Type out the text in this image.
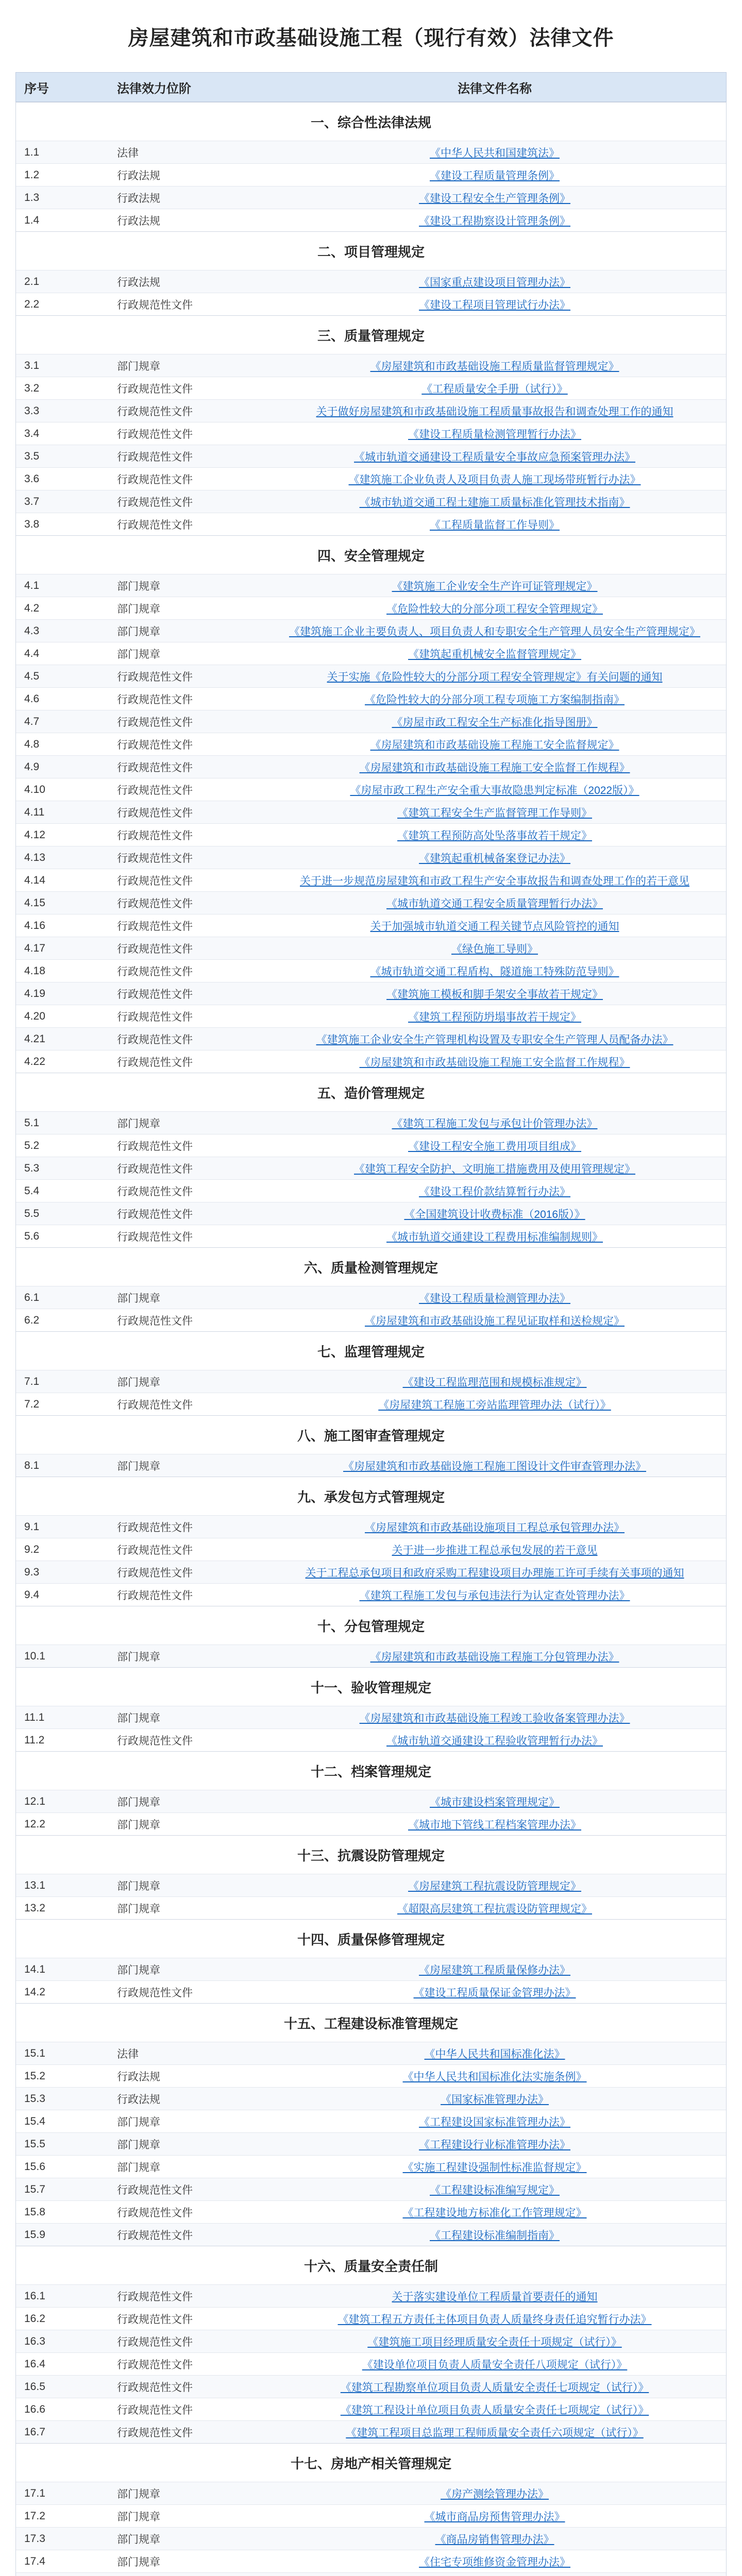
房屋建筑和市政基础设施工程（现行有效）法律文件
序号	法律效力位阶	法律文件名称
一、综合性法律法规
1.1	法律	《中华人民共和国建筑法》
1.2	行政法规	《建设工程质量管理条例》
1.3	行政法规	《建设工程安全生产管理条例》
1.4	行政法规	《建设工程勘察设计管理条例》
二、项目管理规定
2.1	行政法规	《国家重点建设项目管理办法》
2.2	行政规范性文件	《建设工程项目管理试行办法》
三、质量管理规定
3.1	部门规章	《房屋建筑和市政基础设施工程质量监督管理规定》
3.2	行政规范性文件	《工程质量安全手册（试行）》
3.3	行政规范性文件	关于做好房屋建筑和市政基础设施工程质量事故报告和调查处理工作的通知
3.4	行政规范性文件	《建设工程质量检测管理暂行办法》
3.5	行政规范性文件	《城市轨道交通建设工程质量安全事故应急预案管理办法》
3.6	行政规范性文件	《建筑施工企业负责人及项目负责人施工现场带班暂行办法》
3.7	行政规范性文件	《城市轨道交通工程土建施工质量标准化管理技术指南》
3.8	行政规范性文件	《工程质量监督工作导则》
四、安全管理规定
4.1	部门规章	《建筑施工企业安全生产许可证管理规定》
4.2	部门规章	《危险性较大的分部分项工程安全管理规定》
4.3	部门规章	《建筑施工企业主要负责人、项目负责人和专职安全生产管理人员安全生产管理规定》
4.4	部门规章	《建筑起重机械安全监督管理规定》
4.5	行政规范性文件	关于实施《危险性较大的分部分项工程安全管理规定》有关问题的通知
4.6	行政规范性文件	《危险性较大的分部分项工程专项施工方案编制指南》
4.7	行政规范性文件	《房屋市政工程安全生产标准化指导图册》
4.8	行政规范性文件	《房屋建筑和市政基础设施工程施工安全监督规定》
4.9	行政规范性文件	《房屋建筑和市政基础设施工程施工安全监督工作规程》
4.10	行政规范性文件	《房屋市政工程生产安全重大事故隐患判定标准（2022版）》
4.11	行政规范性文件	《建筑工程安全生产监督管理工作导则》
4.12	行政规范性文件	《建筑工程预防高处坠落事故若干规定》
4.13	行政规范性文件	《建筑起重机械备案登记办法》
4.14	行政规范性文件	关于进一步规范房屋建筑和市政工程生产安全事故报告和调查处理工作的若干意见
4.15	行政规范性文件	《城市轨道交通工程安全质量管理暂行办法》
4.16	行政规范性文件	关于加强城市轨道交通工程关键节点风险管控的通知
4.17	行政规范性文件	《绿色施工导则》
4.18	行政规范性文件	《城市轨道交通工程盾构、隧道施工特殊防范导则》
4.19	行政规范性文件	《建筑施工模板和脚手架安全事故若干规定》
4.20	行政规范性文件	《建筑工程预防坍塌事故若干规定》
4.21	行政规范性文件	《建筑施工企业安全生产管理机构设置及专职安全生产管理人员配备办法》
4.22	行政规范性文件	《房屋建筑和市政基础设施工程施工安全监督工作规程》
五、造价管理规定
5.1	部门规章	《建筑工程施工发包与承包计价管理办法》
5.2	行政规范性文件	《建设工程安全施工费用项目组成》
5.3	行政规范性文件	《建筑工程安全防护、文明施工措施费用及使用管理规定》
5.4	行政规范性文件	《建设工程价款结算暂行办法》
5.5	行政规范性文件	《全国建筑设计收费标准（2016版）》
5.6	行政规范性文件	《城市轨道交通建设工程费用标准编制规则》
六、质量检测管理规定
6.1	部门规章	《建设工程质量检测管理办法》
6.2	行政规范性文件	《房屋建筑和市政基础设施工程见证取样和送检规定》
七、监理管理规定
7.1	部门规章	《建设工程监理范围和规模标准规定》
7.2	行政规范性文件	《房屋建筑工程施工旁站监理管理办法（试行）》
八、施工图审查管理规定
8.1	部门规章	《房屋建筑和市政基础设施工程施工图设计文件审查管理办法》
九、承发包方式管理规定
9.1	行政规范性文件	《房屋建筑和市政基础设施项目工程总承包管理办法》
9.2	行政规范性文件	关于进一步推进工程总承包发展的若干意见
9.3	行政规范性文件	关于工程总承包项目和政府采购工程建设项目办理施工许可手续有关事项的通知
9.4	行政规范性文件	《建筑工程施工发包与承包违法行为认定查处管理办法》
十、分包管理规定
10.1	部门规章	《房屋建筑和市政基础设施工程施工分包管理办法》
十一、验收管理规定
11.1	部门规章	《房屋建筑和市政基础设施工程竣工验收备案管理办法》
11.2	行政规范性文件	《城市轨道交通建设工程验收管理暂行办法》
十二、档案管理规定
12.1	部门规章	《城市建设档案管理规定》
12.2	部门规章	《城市地下管线工程档案管理办法》
十三、抗震设防管理规定
13.1	部门规章	《房屋建筑工程抗震设防管理规定》
13.2	部门规章	《超限高层建筑工程抗震设防管理规定》
十四、质量保修管理规定
14.1	部门规章	《房屋建筑工程质量保修办法》
14.2	行政规范性文件	《建设工程质量保证金管理办法》
十五、工程建设标准管理规定
15.1	法律	《中华人民共和国标准化法》
15.2	行政法规	《中华人民共和国标准化法实施条例》
15.3	行政法规	《国家标准管理办法》
15.4	部门规章	《工程建设国家标准管理办法》
15.5	部门规章	《工程建设行业标准管理办法》
15.6	部门规章	《实施工程建设强制性标准监督规定》
15.7	行政规范性文件	《工程建设标准编写规定》
15.8	行政规范性文件	《工程建设地方标准化工作管理规定》
15.9	行政规范性文件	《工程建设标准编制指南》
十六、质量安全责任制
16.1	行政规范性文件	关于落实建设单位工程质量首要责任的通知
16.2	行政规范性文件	《建筑工程五方责任主体项目负责人质量终身责任追究暂行办法》
16.3	行政规范性文件	《建筑施工项目经理质量安全责任十项规定（试行）》
16.4	行政规范性文件	《建设单位项目负责人质量安全责任八项规定（试行）》
16.5	行政规范性文件	《建筑工程勘察单位项目负责人质量安全责任七项规定（试行）》
16.6	行政规范性文件	《建筑工程设计单位项目负责人质量安全责任七项规定（试行）》
16.7	行政规范性文件	《建筑工程项目总监理工程师质量安全责任六项规定（试行）》
十七、房地产相关管理规定
17.1	部门规章	《房产测绘管理办法》
17.2	部门规章	《城市商品房预售管理办法》
17.3	部门规章	《商品房销售管理办法》
17.4	部门规章	《住宅专项维修资金管理办法》
